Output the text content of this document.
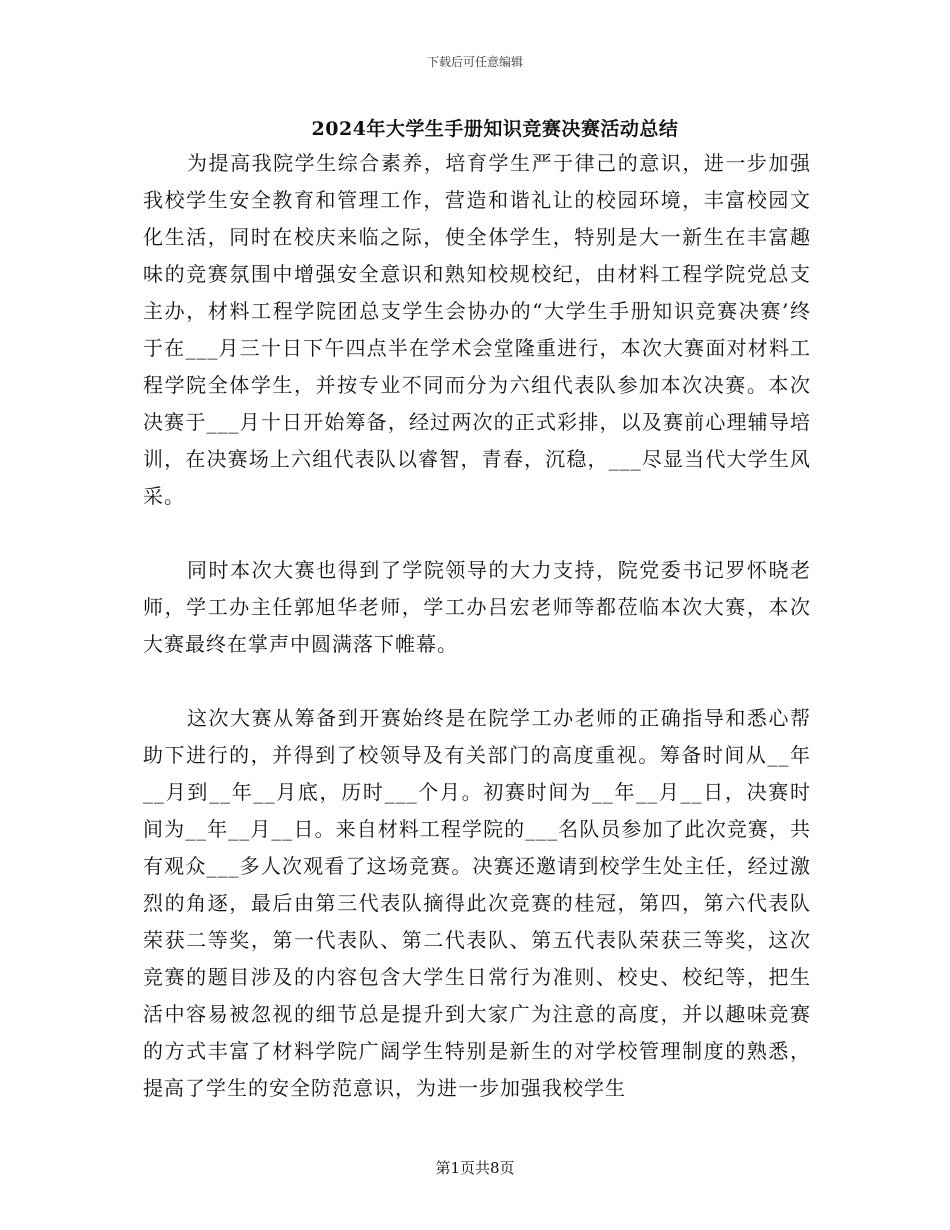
下载后可任意编辑
2024年大学生手册知识竞赛决赛活动总结

为提高我院学生综合素养，培育学生严于律己的意识，进一步加强我校学生安全教育和管理工作，营造和谐礼让的校园环境，丰富校园文化生活，同时在校庆来临之际，使全体学生，特别是大一新生在丰富趣味的竞赛氛围中增强安全意识和熟知校规校纪，由材料工程学院党总支主办，材料工程学院团总支学生会协办的“大学生手册知识竞赛决赛’终于在___月三十日下午四点半在学术会堂隆重进行，本次大赛面对材料工程学院全体学生，并按专业不同而分为六组代表队参加本次决赛。本次决赛于___月十日开始筹备，经过两次的正式彩排，以及赛前心理辅导培训，在决赛场上六组代表队以睿智，青春，沉稳，___尽显当代大学生风采。

同时本次大赛也得到了学院领导的大力支持，院党委书记罗怀晓老师，学工办主任郭旭华老师，学工办吕宏老师等都莅临本次大赛，本次大赛最终在掌声中圆满落下帷幕。

这次大赛从筹备到开赛始终是在院学工办老师的正确指导和悉心帮助下进行的，并得到了校领导及有关部门的高度重视。筹备时间从__年__月到__年__月底，历时___个月。初赛时间为__年__月__日，决赛时间为__年__月__日。来自材料工程学院的___名队员参加了此次竞赛，共有观众___多人次观看了这场竞赛。决赛还邀请到校学生处主任，经过激烈的角逐，最后由第三代表队摘得此次竞赛的桂冠，第四，第六代表队荣获二等奖，第一代表队、第二代表队、第五代表队荣获三等奖，这次竞赛的题目涉及的内容包含大学生日常行为准则、校史、校纪等，把生活中容易被忽视的细节总是提升到大家广为注意的高度，并以趣味竞赛的方式丰富了材料学院广阔学生特别是新生的对学校管理制度的熟悉，提高了学生的安全防范意识，为进一步加强我校学生

第1页共8页
